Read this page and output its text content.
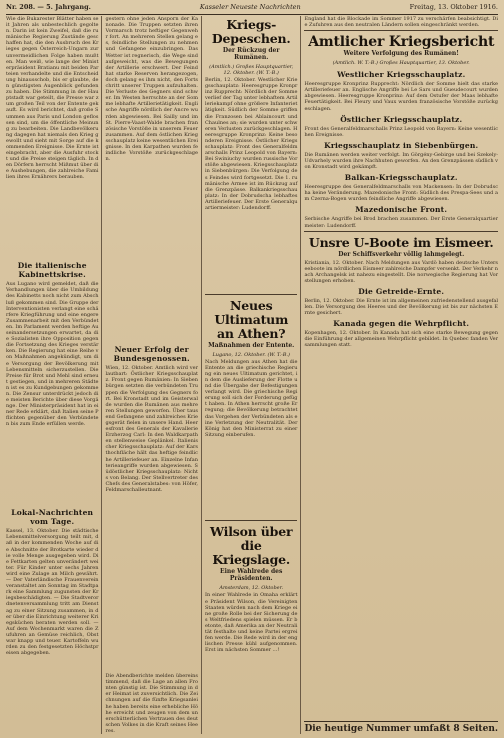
Nr. 208. — 5. Jahrgang.	Kasseler Neueste Nachrichten	Freitag, 13. Oktober 1916.

Wie die Bukarester Blätter haben seit Jahren als unbestechlich gegolten. Darin ist kein Zweifel, daß die rumänische Regierung Zustände geschaffen hat, die den Ausbruch des Krieges gegen Österreich-Ungarn zur unvermeidlichen Folge haben mußten. Man weiß, wie lange der Ministerpräsident Bratianu mit beiden Parteien verhandelte und die Entscheidung hinausschob, bis er glaubte, den günstigsten Augenblick gefunden zu haben. Die Stimmung in der Hauptstadt war geteilt, die Presse war zum großen Teil von der Entente gekauft. Es wird berichtet, daß große Summen aus Paris und London geflossen sind, um die öffentliche Meinung zu bearbeiten. Die Landbevölkerung dagegen hat niemals den Krieg gewollt und sieht mit Sorge auf die kommenden Ereignisse. Die Ernte ist eingebracht, aber die Ausfuhr stockt und die Preise steigen täglich. In den Dörfern herrscht Mißmut über die Aushebungen, die zahlreiche Familien ihres Ernährers berauben.

Die italienische Kabinettskrise.

Aus Lugano wird gemeldet, daß die Verhandlungen über die Umbildung des Kabinetts noch nicht zum Abschluß gekommen sind. Die Gruppe der Interventionisten verlangt eine schärfere Kriegführung und eine engere Zusammenarbeit mit den Verbündeten. Im Parlament werden heftige Auseinandersetzungen erwartet, da die Sozialisten ihre Opposition gegen die Fortsetzung des Krieges verstärken. Die Regierung hat eine Reihe von Maßnahmen angekündigt, um die Versorgung der Bevölkerung mit Lebensmitteln sicherzustellen. Die Preise für Brot und Mehl sind erneut gestiegen, und in mehreren Städten ist es zu Kundgebungen gekommen. Die Zensur unterdrückt jedoch die meisten Berichte über diese Vorgänge. Der Ministerpräsident hat in einer Rede erklärt, daß Italien seine Pflichten gegenüber den Verbündeten bis zum Ende erfüllen werde.

Lokal-Nachrichten vom Tage.

Kassel, 13. Oktober. Die städtische Lebensmittelversorgung teilt mit, daß in der kommenden Woche auf die Abschnitte der Brotkarte wieder die volle Menge ausgegeben wird. Die Fettkarten gelten unverändert weiter. Für Kinder unter sechs Jahren wird eine Zulage an Milch gewährt. — Der Vaterländische Frauenverein veranstaltet am Sonntag im Stadtpark eine Sammlung zugunsten der Kriegsbeschädigten. — Die Stadtverordnetenversammlung tritt am Dienstag zu einer Sitzung zusammen, in der über die Einrichtung weiterer Kriegsküchen beraten werden soll. — Auf dem Wochenmarkt waren die Zufuhren an Gemüse reichlich, Obst war knapp und teuer. Kartoffeln wurden zu den festgesetzten Höchstpreisen abgegeben.

gestern ohne jeden Ansporn der Kanonade. Die Truppen setzten ihren Vormarsch trotz heftiger Gegenwehr fort. An mehreren Stellen gelang es, feindliche Stellungen zu nehmen und Gefangene einzubringen. Das Wetter ist regnerisch, die Wege sind aufgeweicht, was die Bewegungen der Artillerie erschwert. Der Feind hat starke Reserven herangezogen, doch gelang es ihm nicht, den Fortschritt unserer Truppen aufzuhalten. Die Verluste des Gegners sind schwer. Im Westen herrschte an der Somme lebhafte Artillerietätigkeit. Englische Angriffe nördlich der Ancre wurden abgewiesen. Bei Sailly und im St. Pierre-Vaast-Walde brachen französische Vorstöße in unserem Feuer zusammen. Auf dem östlichen Kriegsschauplatz keine wesentlichen Ereignisse. In den Karpathen wurden feindliche Vorstöße zurückgeschlagen.

Neuer Erfolg der Bundesgenossen.

Wien, 12. Oktober. Amtlich wird verlautbart: Östlicher Kriegsschauplatz. Front gegen Rumänien: In Siebenbürgen setzten die verbündeten Truppen die Verfolgung des Gegners fort. Bei Kronstadt und im Geisterwalde wurden die Rumänen aus mehreren Stellungen geworfen. Über tausend Gefangene und zahlreiches Kriegsgerät fielen in unsere Hand. Heeresfront des Generals der Kavallerie Erzherzog Carl: In den Waldkarpathen stellenweise Geplänkel. Italienischer Kriegsschauplatz: Auf der Karsthochfläche hält das heftige feindliche Artilleriefeuer an. Einzelne Infanterieangriffe wurden abgewiesen. Südöstlicher Kriegsschauplatz: Nichts von Belang. Der Stellvertreter des Chefs des Generalstabes: von Höfer, Feldmarschalleutnant.

Die Abendberichte melden übereinstimmend, daß die Lage an allen Fronten günstig ist. Die Stimmung in der Heimat ist zuversichtlich. Die Zeichnungen auf die fünfte Kriegsanleihe haben bereits eine erhebliche Höhe erreicht und zeugen von dem unerschütterlichen Vertrauen des deutschen Volkes in die Kraft seines Heeres.

Kriegs-Depeschen.
Der Rückzug der Rumänen.
(Amtlich.) Großes Hauptquartier, 12. Oktober. (W. T.-B.)

Berlin, 12. Oktober. Westlicher Kriegsschauplatz: Heeresgruppe Kronprinz Rupprecht: Nördlich der Somme verlief der Tag unter lebhaftem Artilleriekampf ohne größere Infanterietätigkeit. Südlich der Somme griffen die Franzosen bei Ablaincourt und Chaulnes an; sie wurden unter schweren Verlusten zurückgeschlagen. Heeresgruppe Kronprinz: Keine besonderen Ereignisse. Östlicher Kriegsschauplatz: Front des Generalfeldmarschalls Prinz Leopold von Bayern: Bei Swiniuchy wurden russische Vorstöße abgewiesen. Kriegsschauplatz in Siebenbürgen: Die Verfolgung des Feindes wird fortgesetzt. Die 1. rumänische Armee ist im Rückzug auf die Grenzpässe. Balkankriegsschauplatz: In der Dobrudscha lebhaftes Artilleriefeuer. Der Erste Generalquartiermeister: Ludendorff.

Neues Ultimatum an Athen?
Maßnahmen der Entente.
Lugano, 12. Oktober. (W. T.-B.)

Nach Meldungen aus Athen hat die Entente an die griechische Regierung ein neues Ultimatum gerichtet, in dem die Auslieferung der Flotte und die Übergabe der Befestigungen verlangt wird. Die griechische Regierung soll sich der Forderung gefügt haben. In Athen herrscht große Erregung; die Bevölkerung betrachtet das Vorgehen der Verbündeten als eine Verletzung der Neutralität. Der König hat den Ministerrat zu einer Sitzung einberufen.

Wilson über die Kriegslage.
Eine Wahlrede des Präsidenten.
Amsterdam, 12. Oktober.

In einer Wahlrede in Omaha erklärte Präsident Wilson, die Vereinigten Staaten würden nach dem Kriege eine große Rolle bei der Sicherung des Weltfriedens spielen müssen. Er betonte, daß Amerika an der Neutralität festhalte und keine Partei ergreifen werde. Die Rede wird in der englischen Presse kühl aufgenommen. Erst im nächsten Sommer ...!

England hat die Blockade im Sommer 1917 zu verschärfen beabsichtigt. Die Zufuhren aus den neutralen Ländern sollen eingeschränkt werden.

Amtlicher Kriegsbericht
Weitere Verfolgung des Rumänen!
(Amtlich. W. T.-B.) Großes Hauptquartier, 13. Oktober.
Westlicher Kriegsschauplatz.

Heeresgruppe Kronprinz Rupprecht: Nördlich der Somme hielt das starke Artilleriefeuer an. Englische Angriffe bei Le Sars und Gueudecourt wurden abgewiesen. Heeresgruppe Kronprinz: Auf dem Ostufer der Maas lebhafte Feuertätigkeit. Bei Fleury und Vaux wurden französische Vorstöße zurückgeschlagen.

Östlicher Kriegsschauplatz.

Front des Generalfeldmarschalls Prinz Leopold von Bayern: Keine wesentlichen Ereignisse.

Kriegsschauplatz in Siebenbürgen.

Die Rumänen werden weiter verfolgt. Im Görgény-Gebirge und bei Szekely-Udvarhely wurden ihre Nachhuten geworfen. An den Grenzpässen südlich von Kronstadt wird gekämpft.

Balkan-Kriegsschauplatz.

Heeresgruppe des Generalfeldmarschalls von Mackensen: In der Dobrudscha keine Veränderung. Mazedonische Front: Südlich des Prespa-Sees und am Czerna-Bogen wurden feindliche Angriffe abgewiesen.

Mazedonische Front.

Serbische Angriffe bei Brod brachen zusammen. Der Erste Generalquartiermeister: Ludendorff.

Unsre U-Boote im Eismeer.
Der Schiffsverkehr völlig lahmgelegt.

Kristiania, 12. Oktober. Nach Meldungen aus Vardö haben deutsche Unterseeboote im nördlichen Eismeer zahlreiche Dampfer versenkt. Der Verkehr nach Archangelsk ist nahezu eingestellt. Die norwegische Regierung hat Vorstellungen erhoben.

Die Getreide-Ernte.

Berlin, 12. Oktober. Die Ernte ist im allgemeinen zufriedenstellend ausgefallen. Die Versorgung des Heeres und der Bevölkerung ist bis zur nächsten Ernte gesichert.

Kanada gegen die Wehrpflicht.

Kopenhagen, 12. Oktober. In Kanada hat sich eine starke Bewegung gegen die Einführung der allgemeinen Wehrpflicht gebildet. In Quebec fanden Versammlungen statt.

Die heutige Nummer umfaßt 8 Seiten.
